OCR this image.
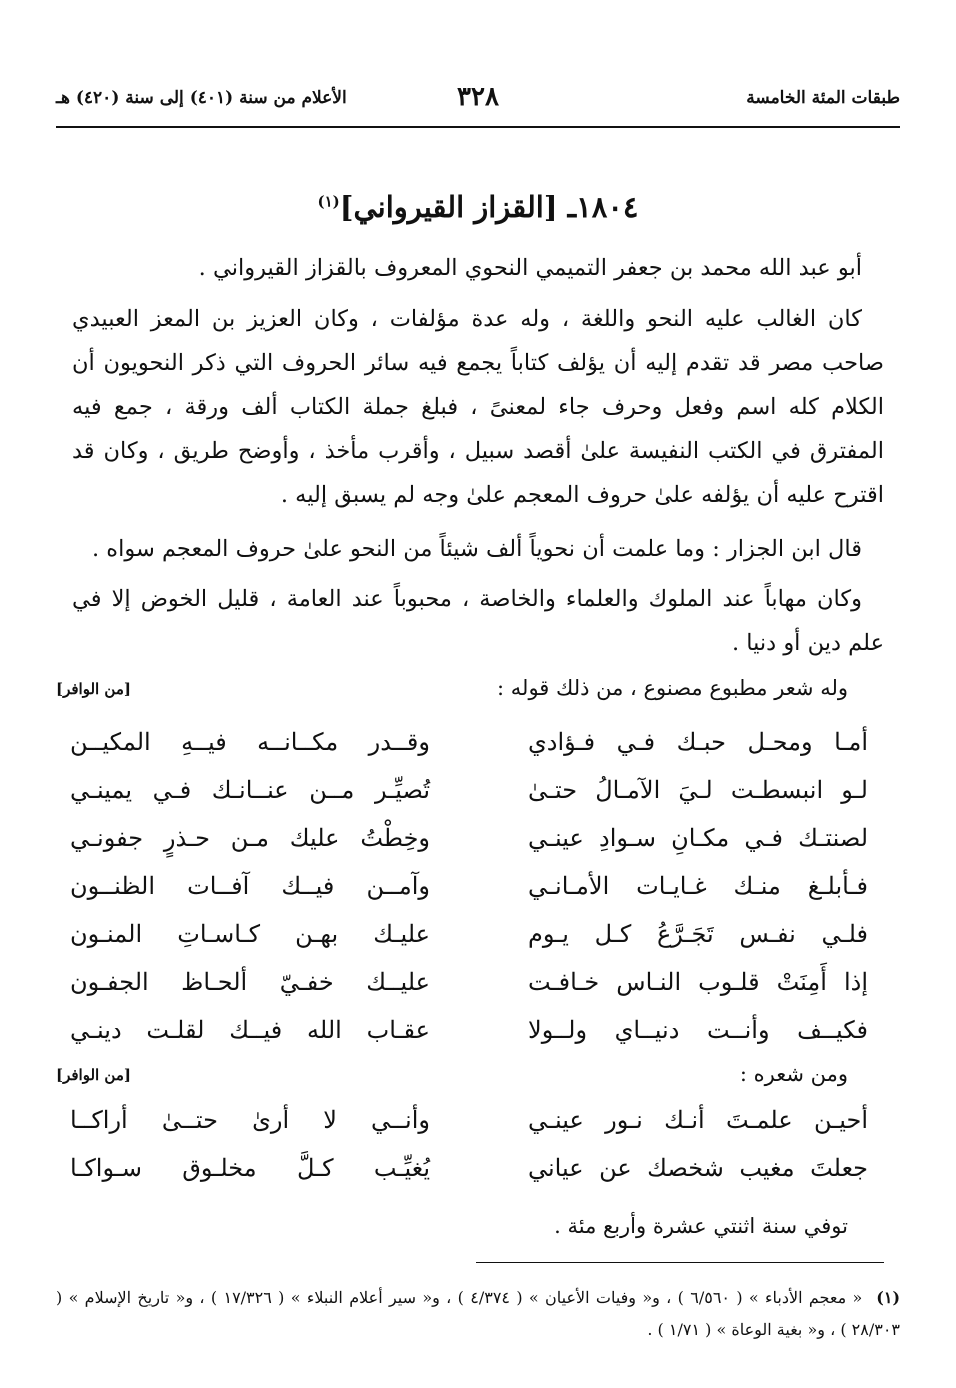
طبقات المئة الخامسة
٣٢٨
الأعلام من سنة (٤٠١) إلى سنة (٤٢٠) هـ
١٨٠٤ـ [القزاز القيرواني]$^{(١)}$

أبو عبد الله محمد بن جعفر التميمي النحوي المعروف بالقزاز القيرواني .

كان الغالب عليه النحو واللغة ، وله عدة مؤلفات ، وكان العزيز بن المعز العبيدي صاحب مصر قد تقدم إليه أن يؤلف كتاباً يجمع فيه سائر الحروف التي ذكر النحويون أن الكلام كله اسم وفعل وحرف جاء لمعنىً ، فبلغ جملة الكتاب ألف ورقة ، جمع فيه المفترق في الكتب النفيسة علىٰ أقصد سبيل ، وأقرب مأخذ ، وأوضح طريق ، وكان قد اقترح عليه أن يؤلفه علىٰ حروف المعجم علىٰ وجه لم يسبق إليه .

قال ابن الجزار : وما علمت أن نحوياً ألف شيئاً من النحو علىٰ حروف المعجم سواه .

وكان مهاباً عند الملوك والعلماء والخاصة ، محبوباً عند العامة ، قليل الخوض إلا في علم دين أو دنيا .

وله شعر مطبوع مصنوع ، من ذلك قوله :
[من الوافر]
أمـا ومحـل حبـك فـي فـؤادي
وقــدر مكــانــه فيــهِ المكيــن
لـو انبسطـت لـيَ الآمـالُ حتـىٰ
تُصيِّـر مــن عنــانـك فـي يمينـي
لصنتـك فـي مكـانِ سـوادِ عينـي
وخِطْتُ عليك مـن حـذرٍ جفونـي
فـأبلـغ منـك غـايـات الأمـانـي
وآمــن فيــك آفــات الظنــون
فلـي نفـس تَجَـرَّعُ كـل يـوم
عليـك بهـن كـاسـاتِ المنـون
إذا أَمِنَتْ قلـوب النـاس خـافـت
عليــك خفـيّ ألحـاظ الجفـون
فكيــف وأنــت دنيــاي ولــولا
عقـاب الله فيــك لقلـت دينـي
ومن شعره :
[من الوافر]
أحيـن علمـتَ أنـك نـور عينـي
وأنــي لا أرىٰ حتــىٰ أراكــا
جعلتَ مغيب شخصك عن عياني
يُغيِّـب كـلَّ مخلـوق سـواكـا
توفي سنة اثنتي عشرة وأربع مئة .
(١)« معجم الأدباء » ( ٦/٥٦٠ ) ، و« وفيات الأعيان » ( ٤/٣٧٤ ) ، و« سير أعلام النبلاء » ( ١٧/٣٢٦ ) ، و« تاريخ الإسلام » ( ٢٨/٣٠٣ ) ، و« بغية الوعاة » ( ١/٧١ ) .
